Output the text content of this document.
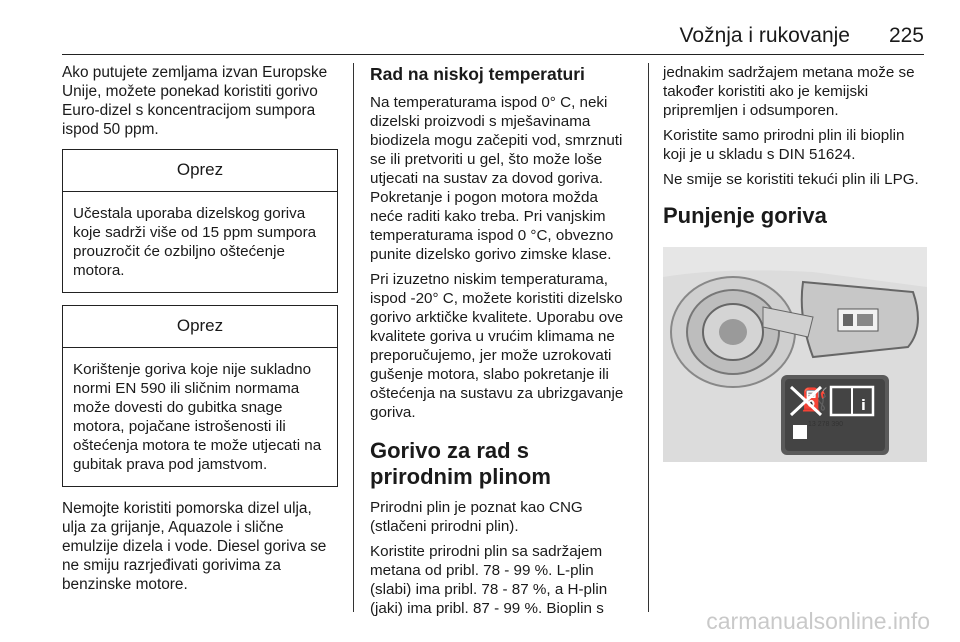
Vožnja i rukovanje 225

Ako putujete zemljama izvan Europske Unije, možete ponekad koristiti gorivo Euro-dizel s koncentracijom sumpora ispod 50 ppm.

Oprez
Učestala uporaba dizelskog goriva koje sadrži više od 15 ppm sumpora prouzročit će ozbiljno oštećenje motora.
Oprez
Korištenje goriva koje nije sukladno normi EN 590 ili sličnim normama može dovesti do gubitka snage motora, pojačane istrošenosti ili oštećenja motora te može utjecati na gubitak prava pod jamstvom.

Nemojte koristiti pomorska dizel ulja, ulja za grijanje, Aquazole i slične emulzije dizela i vode. Diesel goriva se ne smiju razrjeđivati gorivima za benzinske motore.

Rad na niskoj temperaturi

Na temperaturama ispod 0° C, neki dizelski proizvodi s mješavinama biodizela mogu začepiti vod, smrznuti se ili pretvoriti u gel, što može loše utjecati na sustav za dovod goriva. Pokretanje i pogon motora možda neće raditi kako treba. Pri vanjskim temperaturama ispod 0 °C, obvezno punite dizelsko gorivo zimske klase.

Pri izuzetno niskim temperaturama, ispod -20° C, možete koristiti dizelsko gorivo arktičke kvalitete. Uporabu ove kvalitete goriva u vrućim klimama ne preporučujemo, jer može uzrokovati gušenje motora, slabo pokretanje ili oštećenja na sustavu za ubrizgavanje goriva.

Gorivo za rad s prirodnim plinom

Prirodni plin je poznat kao CNG (stlačeni prirodni plin).

Koristite prirodni plin sa sadržajem metana od pribl. 78 - 99 %. L-plin (slabi) ima pribl. 78 - 87 %, a H-plin (jaki) ima pribl. 87 - 99 %. Bioplin s

jednakim sadržajem metana može se također koristiti ako je kemijski pripremljen i odsumporen.

Koristite samo prirodni plin ili bioplin koji je u skladu s DIN 51624.

Ne smije se koristiti tekući plin ili LPG.

Punjenje goriva
⛽ i
13 278 390
carmanualsonline.info
